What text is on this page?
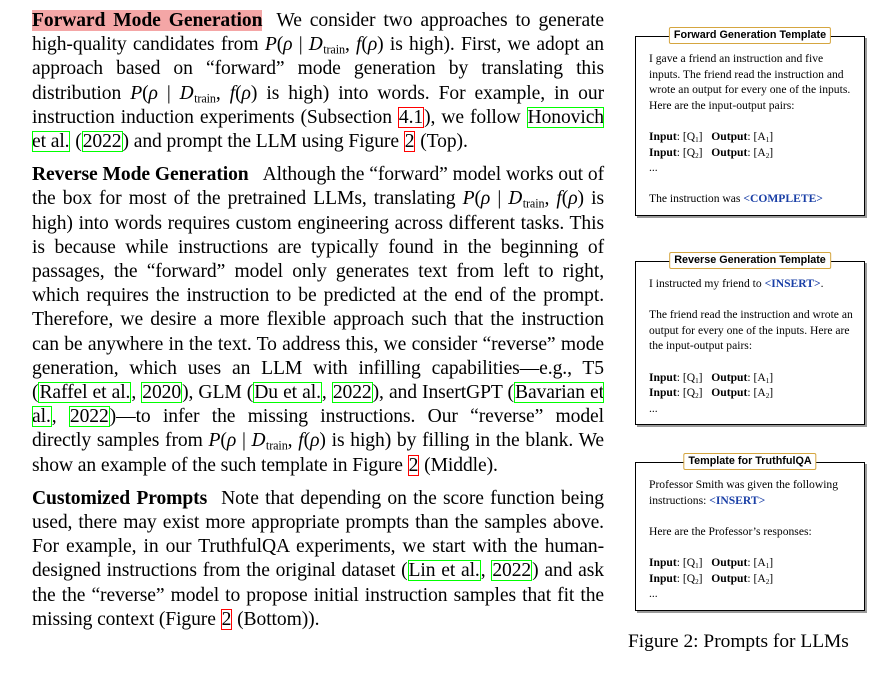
Forward Mode Generation We consider two approaches to generate high-quality candidates from P(ρ | $D_{train}$, f(ρ) is high). First, we adopt an approach based on “forward” mode generation by translating this distribution P(ρ | $D_{train}$, f(ρ) is high) into words. For example, in our instruction induction experiments (Subsection 4.1), we follow Honovich et al. (2022) and prompt the LLM using Figure 2 (Top).

Reverse Mode Generation Although the “forward” model works out of the box for most of the pretrained LLMs, translating P(ρ | $D_{train}$, f(ρ) is high) into words requires custom engineering across different tasks. This is because while instructions are typically found in the beginning of passages, the “forward” model only generates text from left to right, which requires the instruction to be predicted at the end of the prompt. Therefore, we desire a more flexible approach such that the instruction can be anywhere in the text. To address this, we consider “reverse” mode generation, which uses an LLM with infilling capabilities—e.g., T5 (Raffel et al., 2020), GLM (Du et al., 2022), and InsertGPT (Bavarian et al., 2022)—to infer the missing instructions. Our “reverse” model directly samples from P(ρ | $D_{train}$, f(ρ) is high) by filling in the blank. We show an example of the such template in Figure 2 (Middle).

Customized Prompts Note that depending on the score function being used, there may exist more appropriate prompts than the samples above. For example, in our TruthfulQA experiments, we start with the human-designed instructions from the original dataset (Lin et al., 2022) and ask the the “reverse” model to propose initial instruction samples that fit the missing context (Figure 2 (Bottom)).

Forward Generation Template
I gave a friend an instruction and five inputs. The friend read the instruction and wrote an output for every one of the inputs. Here are the input-output pairs:
Input: $[Q_1]$ Output: $[A_1]$
Input: $[Q_2]$ Output: $[A_2]$
...
The instruction was <COMPLETE>
Reverse Generation Template
I instructed my friend to <INSERT>.
The friend read the instruction and wrote an output for every one of the inputs. Here are the input-output pairs:
Input: $[Q_1]$ Output: $[A_1]$
Input: $[Q_2]$ Output: $[A_2]$
...
Template for TruthfulQA
Professor Smith was given the following instructions: <INSERT>
Here are the Professor’s responses:
Input: $[Q_1]$ Output: $[A_1]$
Input: $[Q_2]$ Output: $[A_2]$
...
Figure 2: Prompts for LLMs
